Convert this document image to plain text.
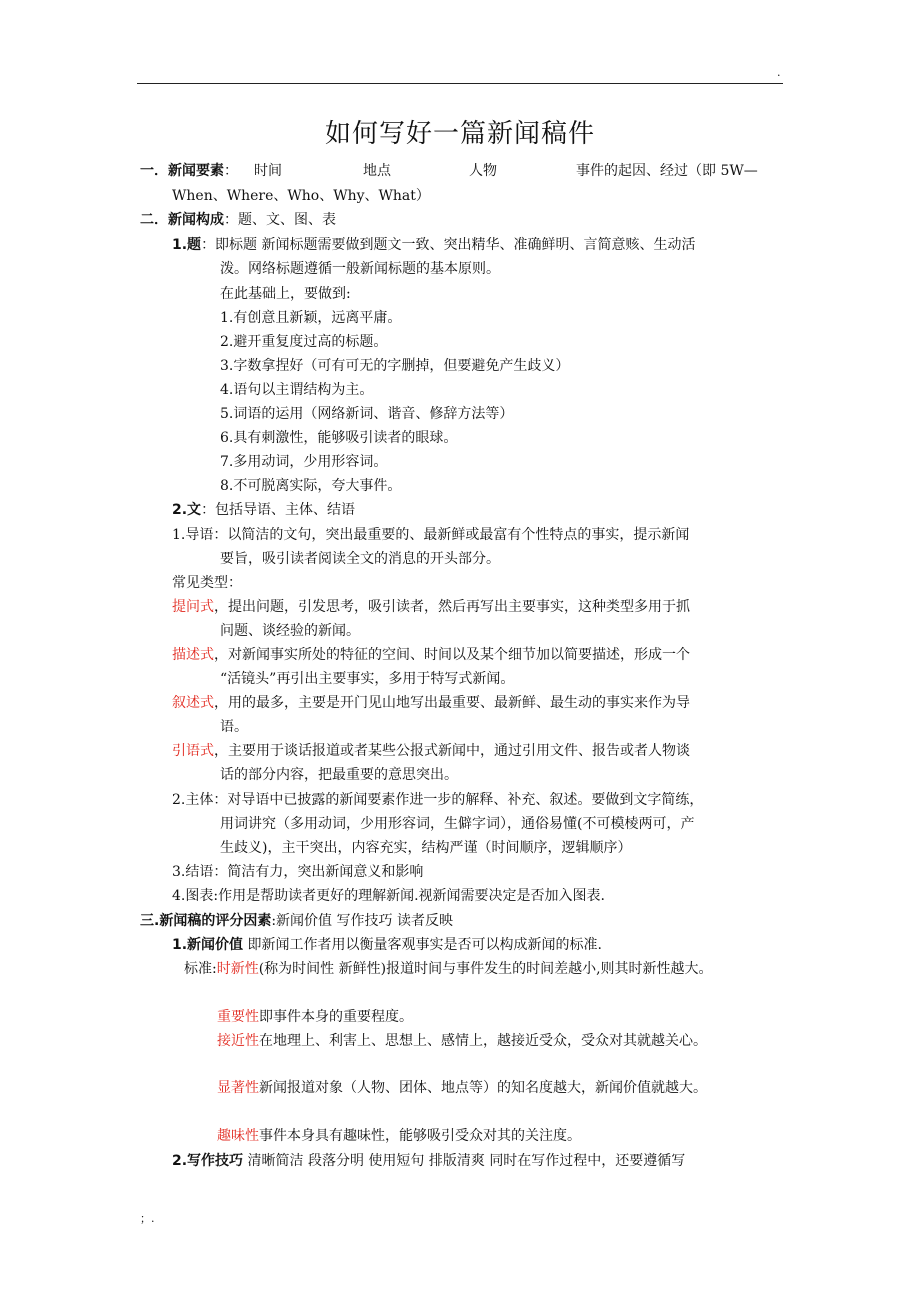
.
如何写好一篇新闻稿件
一．新闻要素： 时间	地点	人物	事件的起因、经过（即 5W—
When、Where、Who、Why、What）
二．新闻构成：题、文、图、表
1.题：即标题 新闻标题需要做到题文一致、突出精华、准确鲜明、言简意赅、生动活
泼。网络标题遵循一般新闻标题的基本原则。
在此基础上，要做到:
1.有创意且新颖，远离平庸。
2.避开重复度过高的标题。
3.字数拿捏好（可有可无的字删掉，但要避免产生歧义）
4.语句以主谓结构为主。
5.词语的运用（网络新词、谐音、修辞方法等）
6.具有刺激性，能够吸引读者的眼球。
7.多用动词，少用形容词。
8.不可脱离实际，夸大事件。
2.文：包括导语、主体、结语
1.导语：以简洁的文句，突出最重要的、最新鲜或最富有个性特点的事实，提示新闻
要旨，吸引读者阅读全文的消息的开头部分。
常见类型：
提问式，提出问题，引发思考，吸引读者，然后再写出主要事实，这种类型多用于抓
问题、谈经验的新闻。
描述式，对新闻事实所处的特征的空间、时间以及某个细节加以简要描述，形成一个
“活镜头”再引出主要事实，多用于特写式新闻。
叙述式，用的最多，主要是开门见山地写出最重要、最新鲜、最生动的事实来作为导
语。
引语式，主要用于谈话报道或者某些公报式新闻中，通过引用文件、报告或者人物谈
话的部分内容，把最重要的意思突出。
2.主体：对导语中已披露的新闻要素作进一步的解释、补充、叙述。要做到文字简练，
用词讲究（多用动词，少用形容词，生僻字词），通俗易懂(不可模棱两可，产
生歧义)，主干突出，内容充实，结构严谨（时间顺序，逻辑顺序）
3.结语：简洁有力，突出新闻意义和影响
4.图表:作用是帮助读者更好的理解新闻.视新闻需要决定是否加入图表.
三.新闻稿的评分因素:新闻价值 写作技巧 读者反映
1.新闻价值 即新闻工作者用以衡量客观事实是否可以构成新闻的标准.
标准:时新性(称为时间性 新鲜性)报道时间与事件发生的时间差越小,则其时新性越大。
重要性即事件本身的重要程度。
接近性在地理上、利害上、思想上、感情上，越接近受众，受众对其就越关心。
显著性新闻报道对象（人物、团体、地点等）的知名度越大，新闻价值就越大。
趣味性事件本身具有趣味性，能够吸引受众对其的关注度。
2.写作技巧 清晰简洁 段落分明 使用短句 排版清爽 同时在写作过程中，还要遵循写
；.
